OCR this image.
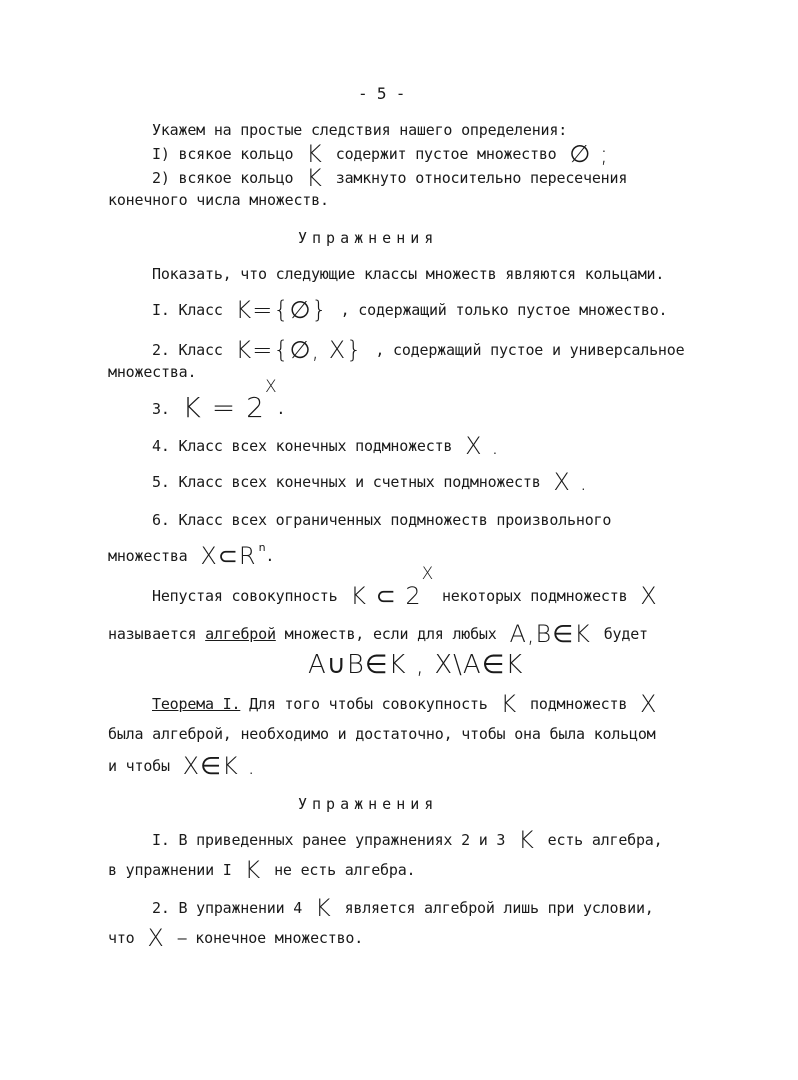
- 5 -
Укажем на простые следствия нашего определения:
I) всякое кольцо K содержит пустое множество ∅ ;
2) всякое кольцо K замкнуто относительно пересечения
конечного числа множеств.
Упражнения
Показать, что следующие классы множеств являются кольцами.
I. Класс K={∅} , содержащий только пустое множество.
2. Класс K={∅, X} , содержащий пустое и универсальное
множества.
3. K = 2X.
4. Класс всех конечных подмножеств X .
5. Класс всех конечных и счетных подмножеств X .
6. Класс всех ограниченных подмножеств произвольного
множества X⊂R $^n$.
Непустая совокупность K ⊂ 2X некоторых подмножеств X
называется алгеброй множеств, если для любых A,B∈K будет
A∪B∈K , X\A∈K
Теорема I. Для того чтобы совокупность K подмножеств X
была алгеброй, необходимо и достаточно, чтобы она была кольцом
и чтобы X∈K .
Упражнения
I. В приведенных ранее упражнениях 2 и 3 K есть алгебра,
в упражнении I K не есть алгебра.
2. В упражнении 4 K является алгеброй лишь при условии,
что X – конечное множество.
